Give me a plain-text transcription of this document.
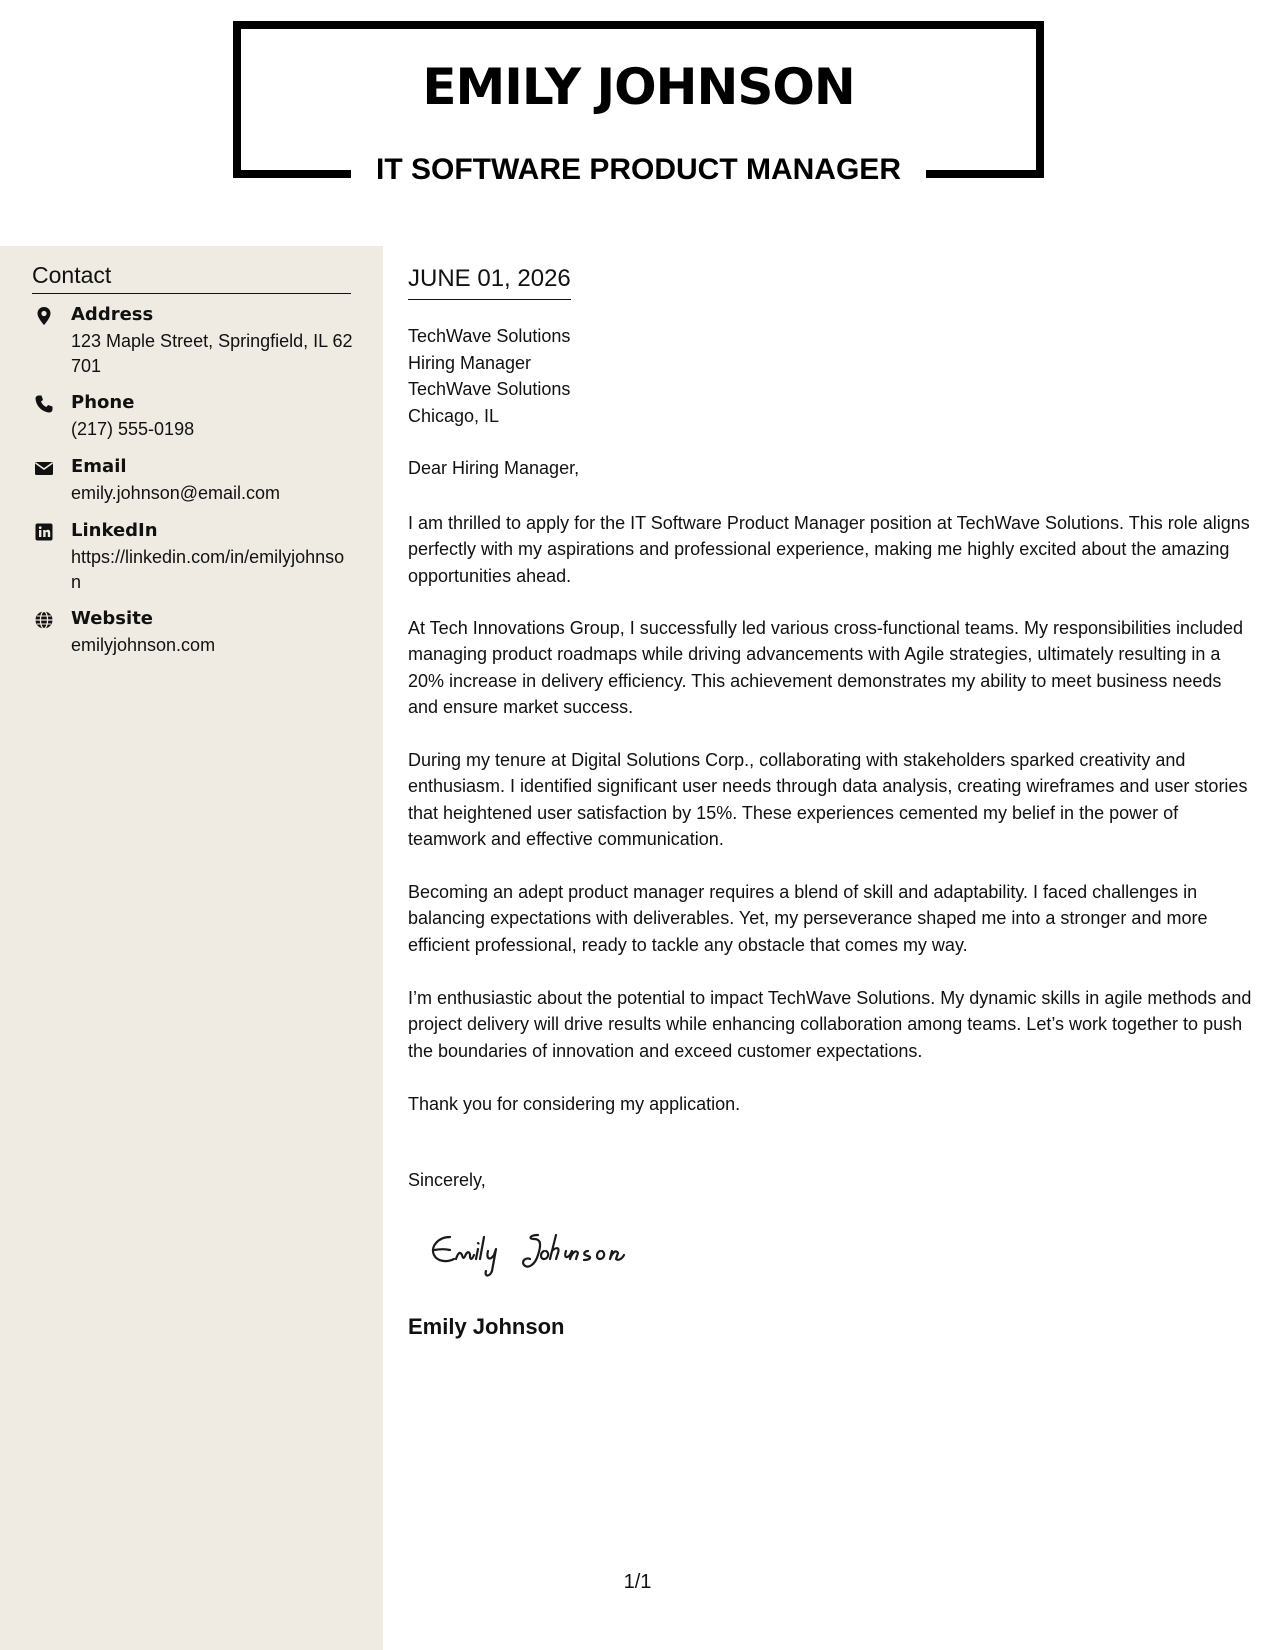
EMILY JOHNSON
IT SOFTWARE PRODUCT MANAGER
Contact
Address
123 Maple Street, Springfield, IL 62701
Phone
(217) 555-0198
Email
emily.johnson@email.com
LinkedIn
https://linkedin.com/in/emilyjohnson
Website
emilyjohnson.com
JUNE 01, 2026
TechWave Solutions
Hiring Manager
TechWave Solutions
Chicago, IL
Dear Hiring Manager,
I am thrilled to apply for the IT Software Product Manager position at TechWave Solutions. This role aligns perfectly with my aspirations and professional experience, making me highly excited about the amazing opportunities ahead.
At Tech Innovations Group, I successfully led various cross-functional teams. My responsibilities included managing product roadmaps while driving advancements with Agile strategies, ultimately resulting in a 20% increase in delivery efficiency. This achievement demonstrates my ability to meet business needs and ensure market success.
During my tenure at Digital Solutions Corp., collaborating with stakeholders sparked creativity and enthusiasm. I identified significant user needs through data analysis, creating wireframes and user stories that heightened user satisfaction by 15%. These experiences cemented my belief in the power of teamwork and effective communication.
Becoming an adept product manager requires a blend of skill and adaptability. I faced challenges in balancing expectations with deliverables. Yet, my perseverance shaped me into a stronger and more efficient professional, ready to tackle any obstacle that comes my way.
I’m enthusiastic about the potential to impact TechWave Solutions. My dynamic skills in agile methods and project delivery will drive results while enhancing collaboration among teams. Let’s work together to push the boundaries of innovation and exceed customer expectations.
Thank you for considering my application.
Sincerely,
Emily Johnson
1/1
